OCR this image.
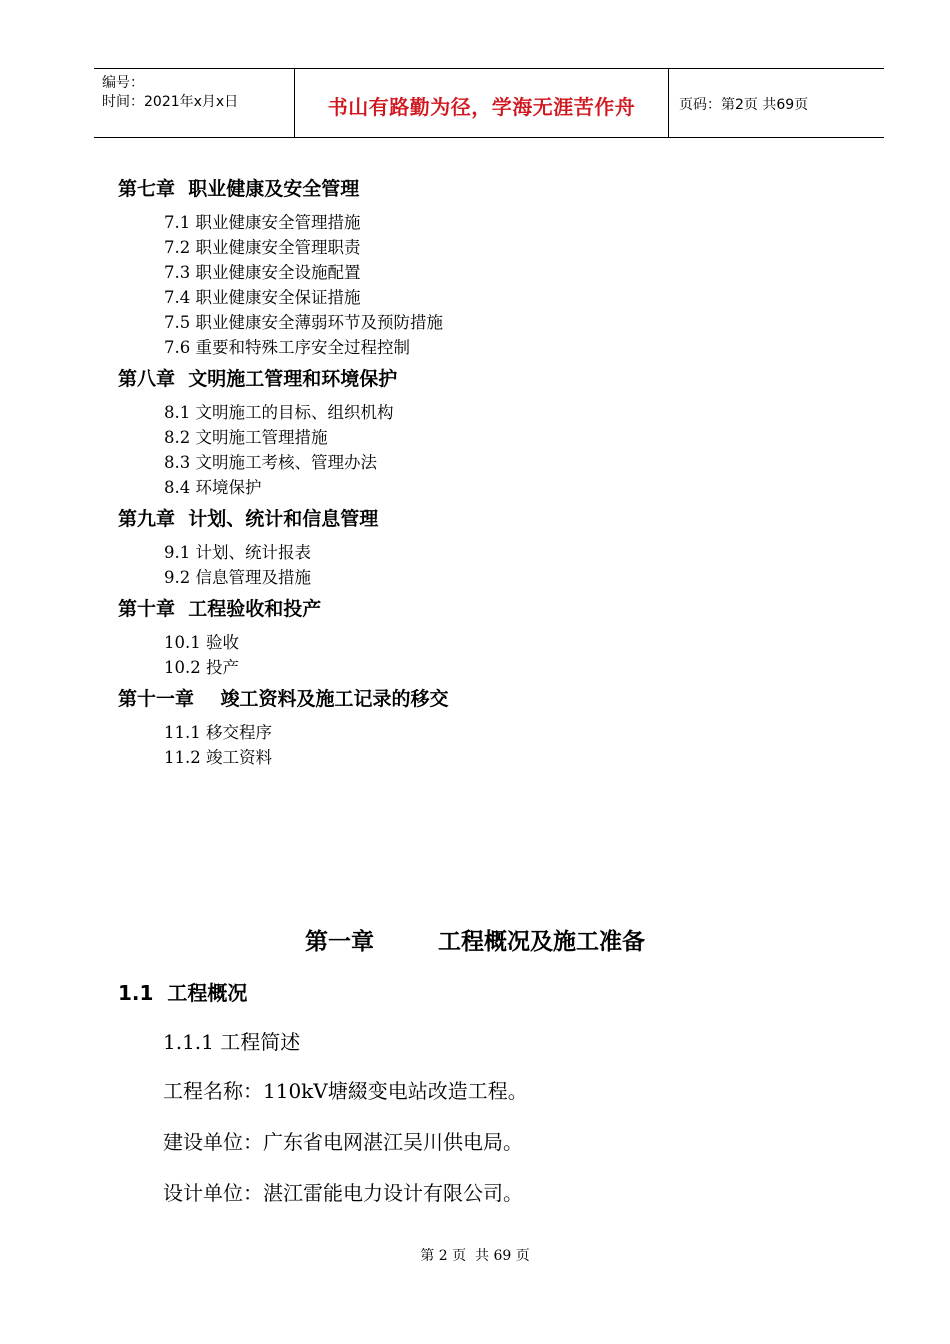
编号：
时间：2021年x月x日	书山有路勤为径，学海无涯苦作舟	页码：第2页 共69页
第七章  职业健康及安全管理
7.1 职业健康安全管理措施
7.2 职业健康安全管理职责
7.3 职业健康安全设施配置
7.4 职业健康安全保证措施
7.5 职业健康安全薄弱环节及预防措施
7.6 重要和特殊工序安全过程控制
第八章  文明施工管理和环境保护
8.1 文明施工的目标、组织机构
8.2 文明施工管理措施
8.3 文明施工考核、管理办法
8.4 环境保护
第九章  计划、统计和信息管理
9.1 计划、统计报表
9.2 信息管理及措施
第十章  工程验收和投产
10.1 验收
10.2 投产
第十一章    竣工资料及施工记录的移交
11.1 移交程序
11.2 竣工资料
第一章        工程概况及施工准备
1.1  工程概况
1.1.1 工程简述
工程名称：110kV塘綴变电站改造工程。
建设单位：广东省电网湛江吴川供电局。
设计单位：湛江雷能电力设计有限公司。
第 2 页  共 69 页
